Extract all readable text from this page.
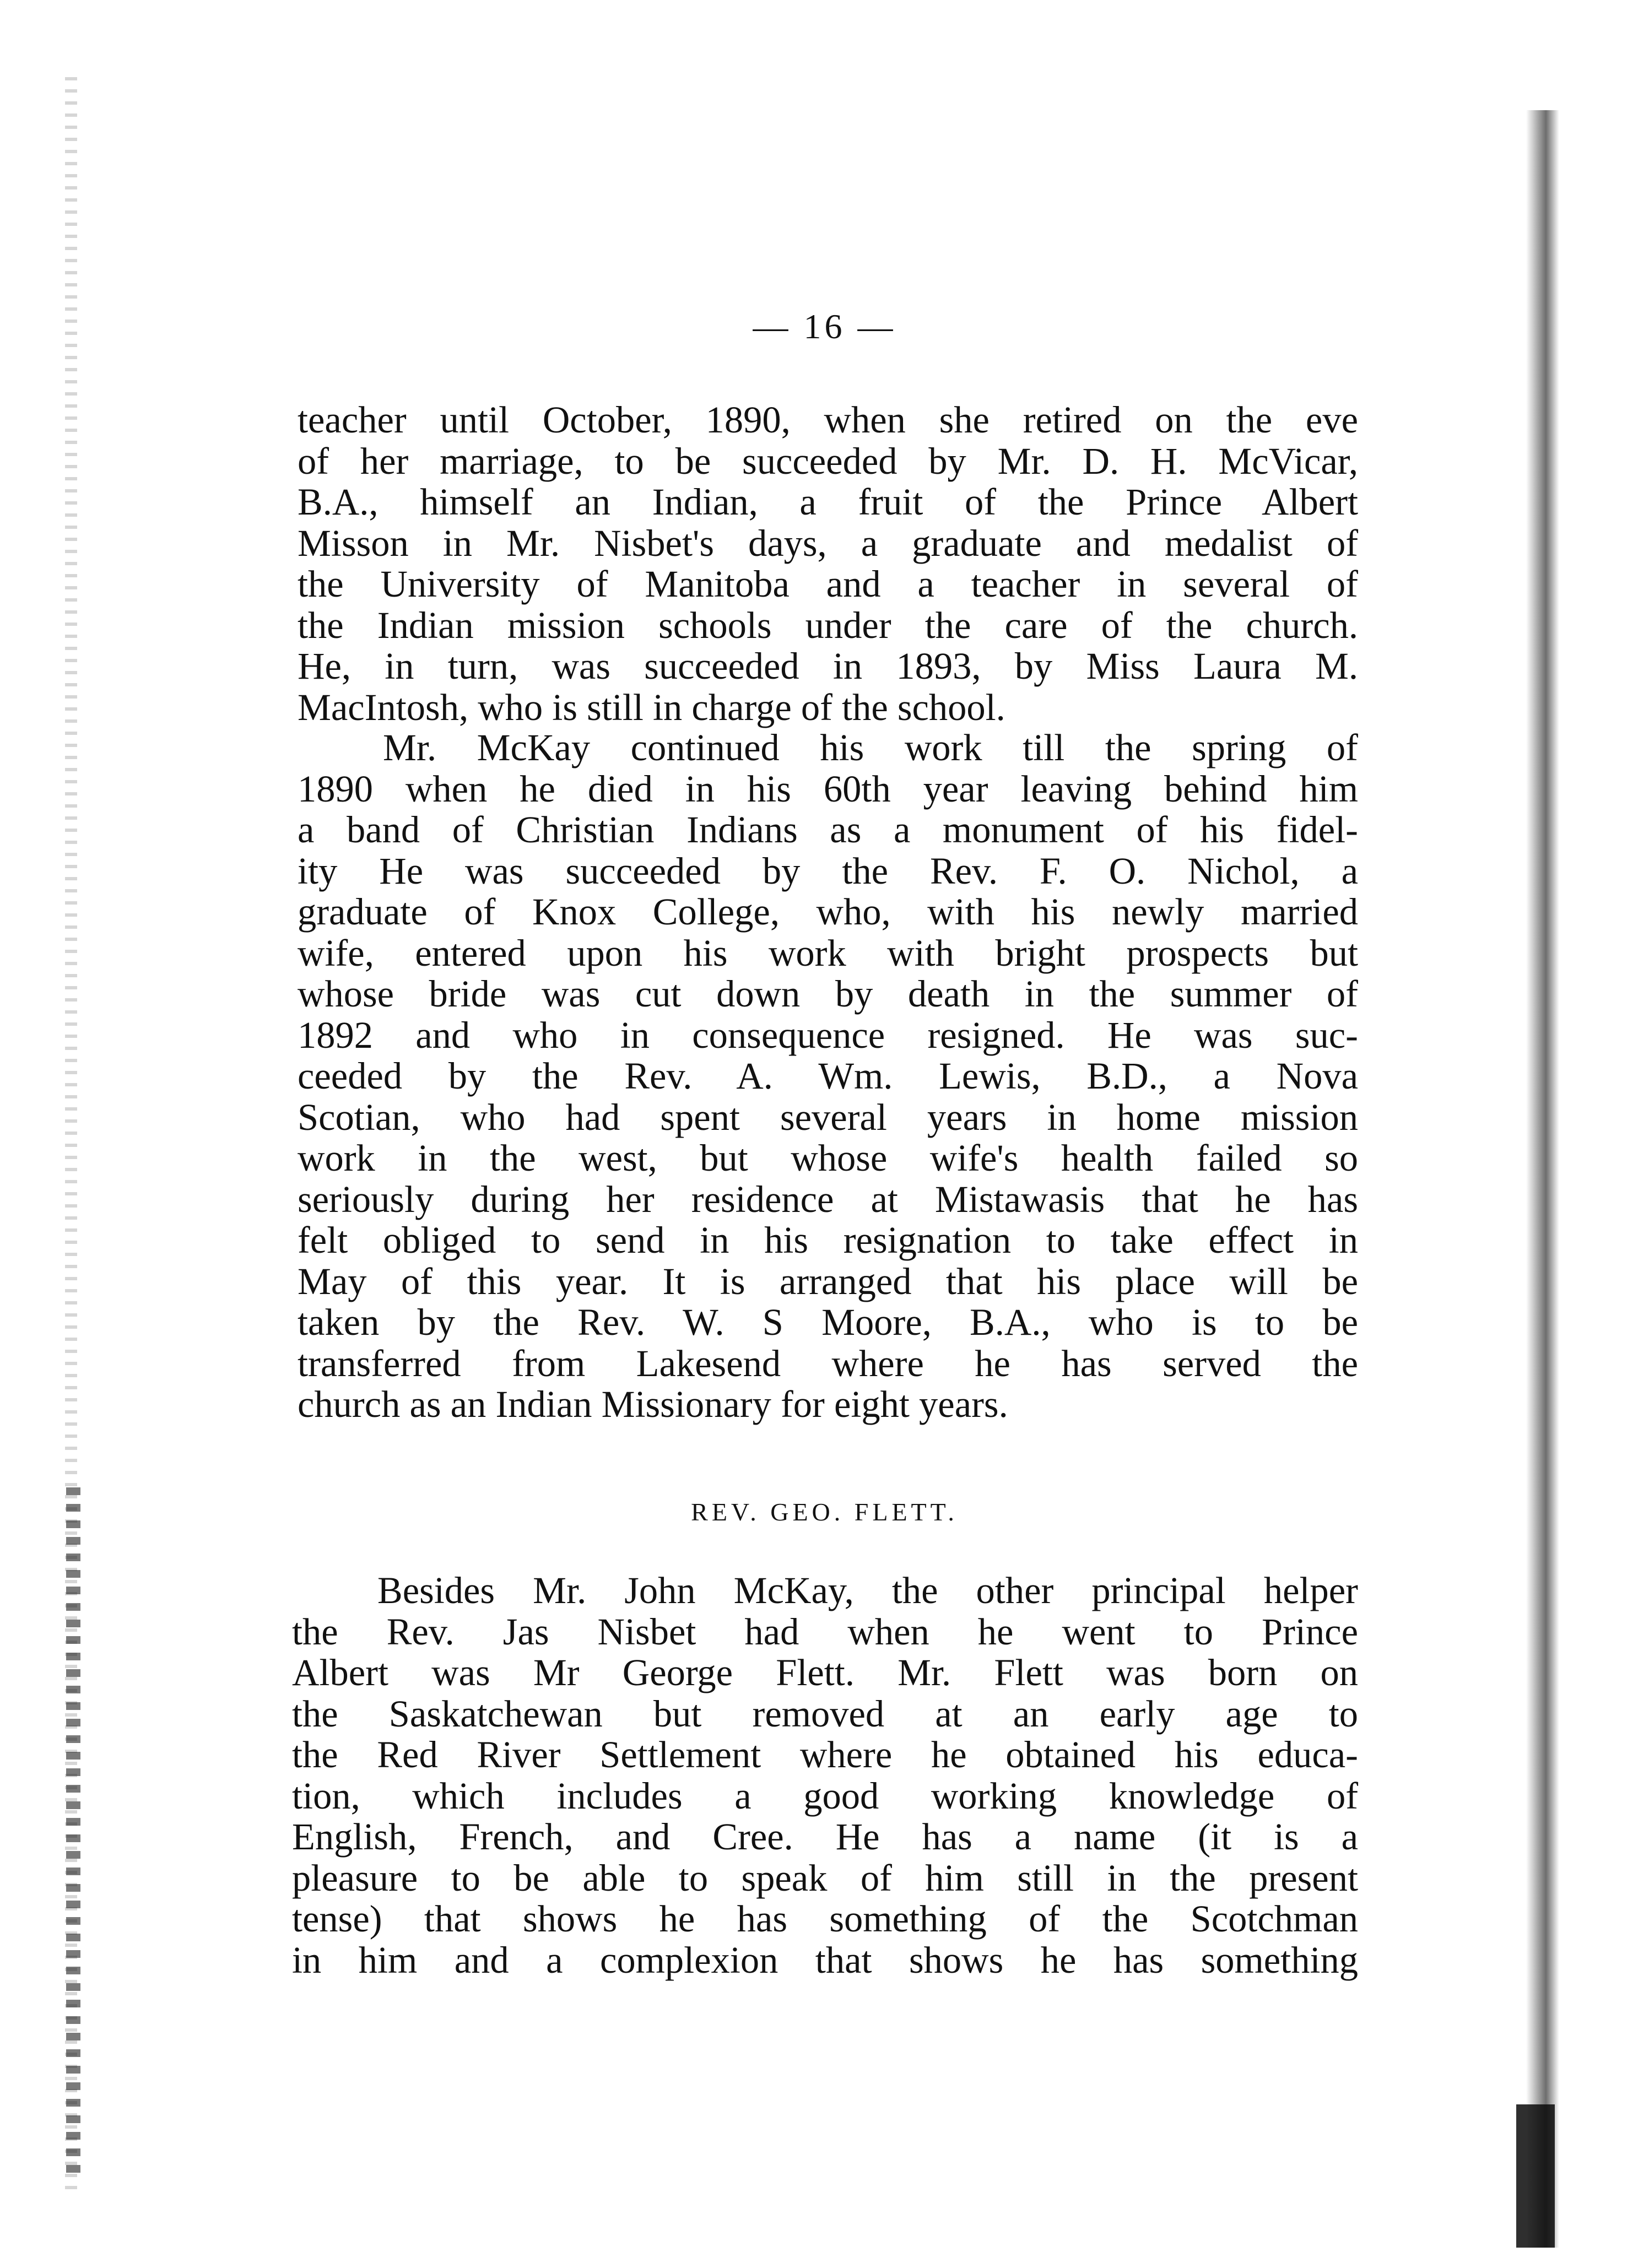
— 16 —
teacher until October, 1890, when she retired on the eve
of her marriage, to be succeeded by Mr. D. H. McVicar,
B.A., himself an Indian, a fruit of the Prince Albert
Misson in Mr. Nisbet's days, a graduate and medalist of
the University of Manitoba and a teacher in several of
the Indian mission schools under the care of the church.
He, in turn, was succeeded in 1893, by Miss Laura M.
MacIntosh, who is still in charge of the school.
Mr. McKay continued his work till the spring of
1890 when he died in his 60th year leaving behind him
a band of Christian Indians as a monument of his fidel-
ity He was succeeded by the Rev. F. O. Nichol, a
graduate of Knox College, who, with his newly married
wife, entered upon his work with bright prospects but
whose bride was cut down by death in the summer of
1892 and who in consequence resigned. He was suc-
ceeded by the Rev. A. Wm. Lewis, B.D., a Nova
Scotian, who had spent several years in home mission
work in the west, but whose wife's health failed so
seriously during her residence at Mistawasis that he has
felt obliged to send in his resignation to take effect in
May of this year. It is arranged that his place will be
taken by the Rev. W. S Moore, B.A., who is to be
transferred from Lakesend where he has served the
church as an Indian Missionary for eight years.
REV. GEO. FLETT.
Besides Mr. John McKay, the other principal helper
the Rev. Jas Nisbet had when he went to Prince
Albert was Mr George Flett. Mr. Flett was born on
the Saskatchewan but removed at an early age to
the Red River Settlement where he obtained his educa-
tion, which includes a good working knowledge of
English, French, and Cree. He has a name (it is a
pleasure to be able to speak of him still in the present
tense) that shows he has something of the Scotchman
in him and a complexion that shows he has something
